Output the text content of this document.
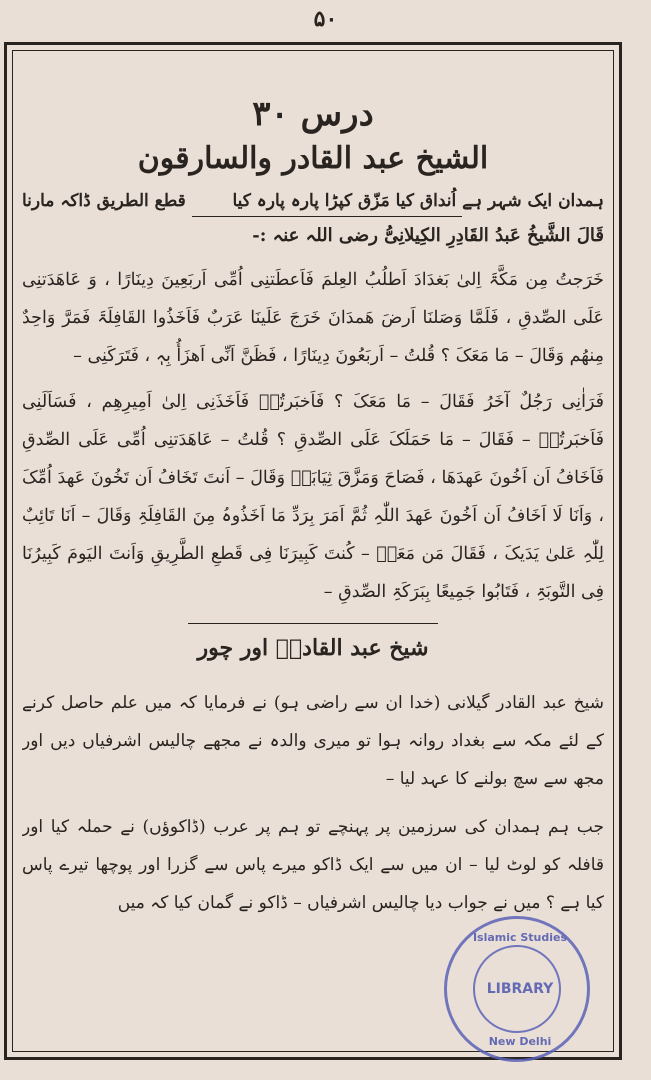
۵۰
درس ۳۰
الشیخ عبد القادر والسارقون
ہمدان ایک شہر ہے اُنداق کیا مَزّق کپڑا پارہ پارہ کیا
قطع الطریق ڈاکہ مارنا
قَالَ الشَّیخُ عَبدُ القَادِرِ الکِیلانِیُّ رضی اللہ عنہ :-

خَرَجتُ مِن مَکَّۃَ اِلیٰ بَغدَادَ اَطلُبُ العِلمَ فَاَعطَتنِی اُمِّی اَربَعِینَ دِینَارًا ، وَ عَاھَدَتنِی عَلَی الصِّدقِ ، فَلَمَّا وَصَلنَا اَرضَ ھَمدَانَ خَرَجَ عَلَینَا عَرَبٌ فَاَخَذُوا القَافِلَۃَ فَمَرَّ وَاحِدٌ مِنھُم وَقَالَ – مَا مَعَکَ ؟ قُلتُ – اَربَعُونَ دِینَارًا ، فَظَنَّ اَنِّی اَھزَأُ بِہٖ ، فَتَرَکَنِی –

فَرَاٰنِی رَجُلٌ آخَرُ فَقَالَ – مَا مَعَکَ ؟ فَاَخبَرتُہٗ فَاَخَذَنِی اِلیٰ اَمِیرِھِم ، فَسَاَلَنِی فَاَخبَرتُہٗ – فَقَالَ – مَا حَمَلَکَ عَلَی الصِّدقِ ؟ قُلتُ – عَاھَدَتنِی اُمِّی عَلَی الصِّدقِ فَاَخَافُ اَن اَخُونَ عَھدَھَا ، فَصَاحَ وَمَزَّقَ ثِیَابَہٗ وَقَالَ – اَنتَ تَخَافُ اَن تَخُونَ عَھدَ اُمِّکَ ، وَاَنَا لَا اَخَافُ اَن اَخُونَ عَھدَ اللّٰہِ ثُمَّ اَمَرَ بِرَدِّ مَا اَخَذُوہُ مِنَ القَافِلَۃِ وَقَالَ – اَنَا تَائِبٌ لِلّٰہِ عَلیٰ یَدَیکَ ، فَقَالَ مَن مَعَہٗ – کُنتَ کَبِیرَنَا فِی قَطعِ الطَّرِیقِ وَاَنتَ الیَومَ کَبِیرُنَا فِی التَّوبَۃِ ، فَتَابُوا جَمِیعًا بِبَرَکَۃِ الصِّدقِ –

شیخ عبد القادرؒ اور چور

شیخ عبد القادر گیلانی (خدا ان سے راضی ہو) نے فرمایا کہ میں علم حاصل کرنے کے لئے مکہ سے بغداد روانہ ہوا تو میری والدہ نے مجھے چالیس اشرفیاں دیں اور مجھ سے سچ بولنے کا عہد لیا –

جب ہم ہمدان کی سرزمین پر پہنچے تو ہم پر عرب (ڈاکوؤں) نے حملہ کیا اور قافلہ کو لوٹ لیا – ان میں سے ایک ڈاکو میرے پاس سے گزرا اور پوچھا تیرے پاس کیا ہے ؟ میں نے جواب دیا چالیس اشرفیاں – ڈاکو نے گمان کیا کہ میں

Islamic Studies
LIBRARY
New Delhi
